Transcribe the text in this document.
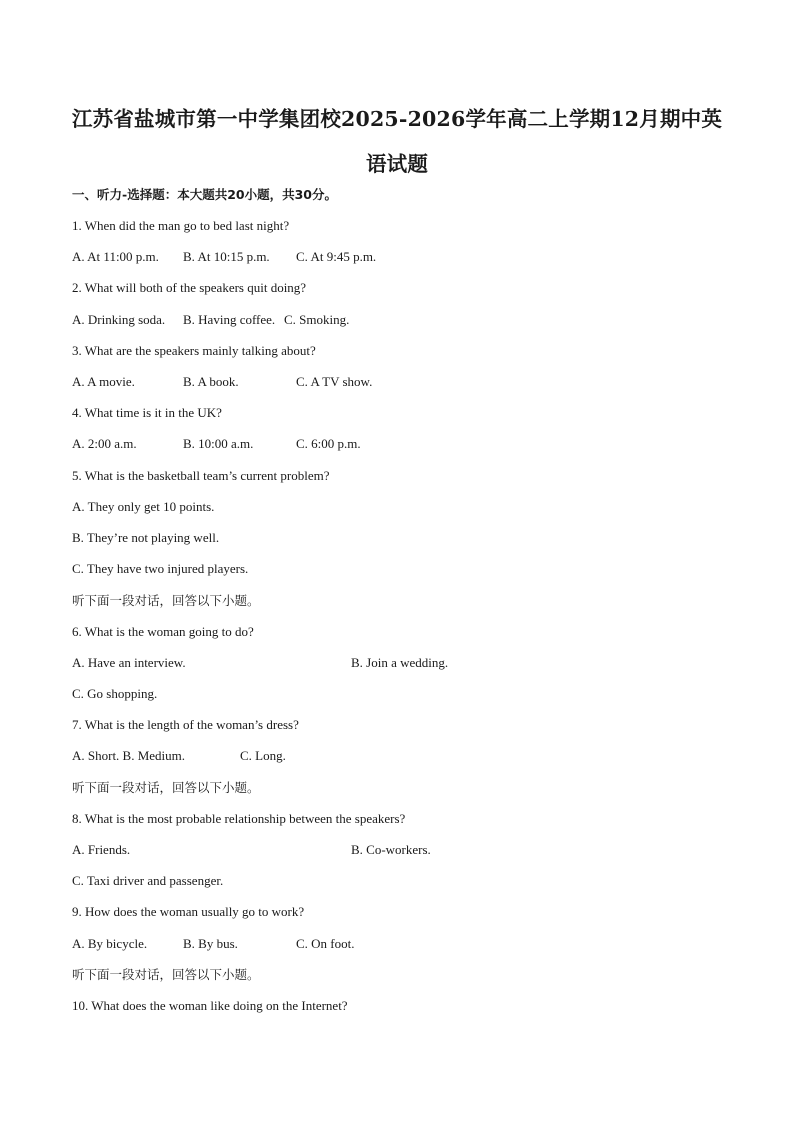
江苏省盐城市第一中学集团校2025-2026学年高二上学期12月期中英
语试题
一、听力-选择题：本大题共20小题，共30分。
1. When did the man go to bed last night?
A. At 11:00 p.m. B. At 10:15 p.m. C. At 9:45 p.m.
2. What will both of the speakers quit doing?
A. Drinking soda. B. Having coffee. C. Smoking.
3. What are the speakers mainly talking about?
A. A movie.	B. A book.	C. A TV show.
4. What time is it in the UK?
A. 2:00 a.m.	B. 10:00 a.m.	C. 6:00 p.m.
5. What is the basketball team’s current problem?
A. They only get 10 points.
B. They’re not playing well.
C. They have two injured players.
听下面一段对话，回答以下小题。
6. What is the woman going to do?
A. Have an interview.	B. Join a wedding.
C. Go shopping.
7. What is the length of the woman’s dress?
A. Short. B. Medium.	C. Long.
听下面一段对话，回答以下小题。
8. What is the most probable relationship between the speakers?
A. Friends.	B. Co-workers.
C. Taxi driver and passenger.
9. How does the woman usually go to work?
A. By bicycle.	B. By bus.	C. On foot.
听下面一段对话，回答以下小题。
10. What does the woman like doing on the Internet?
